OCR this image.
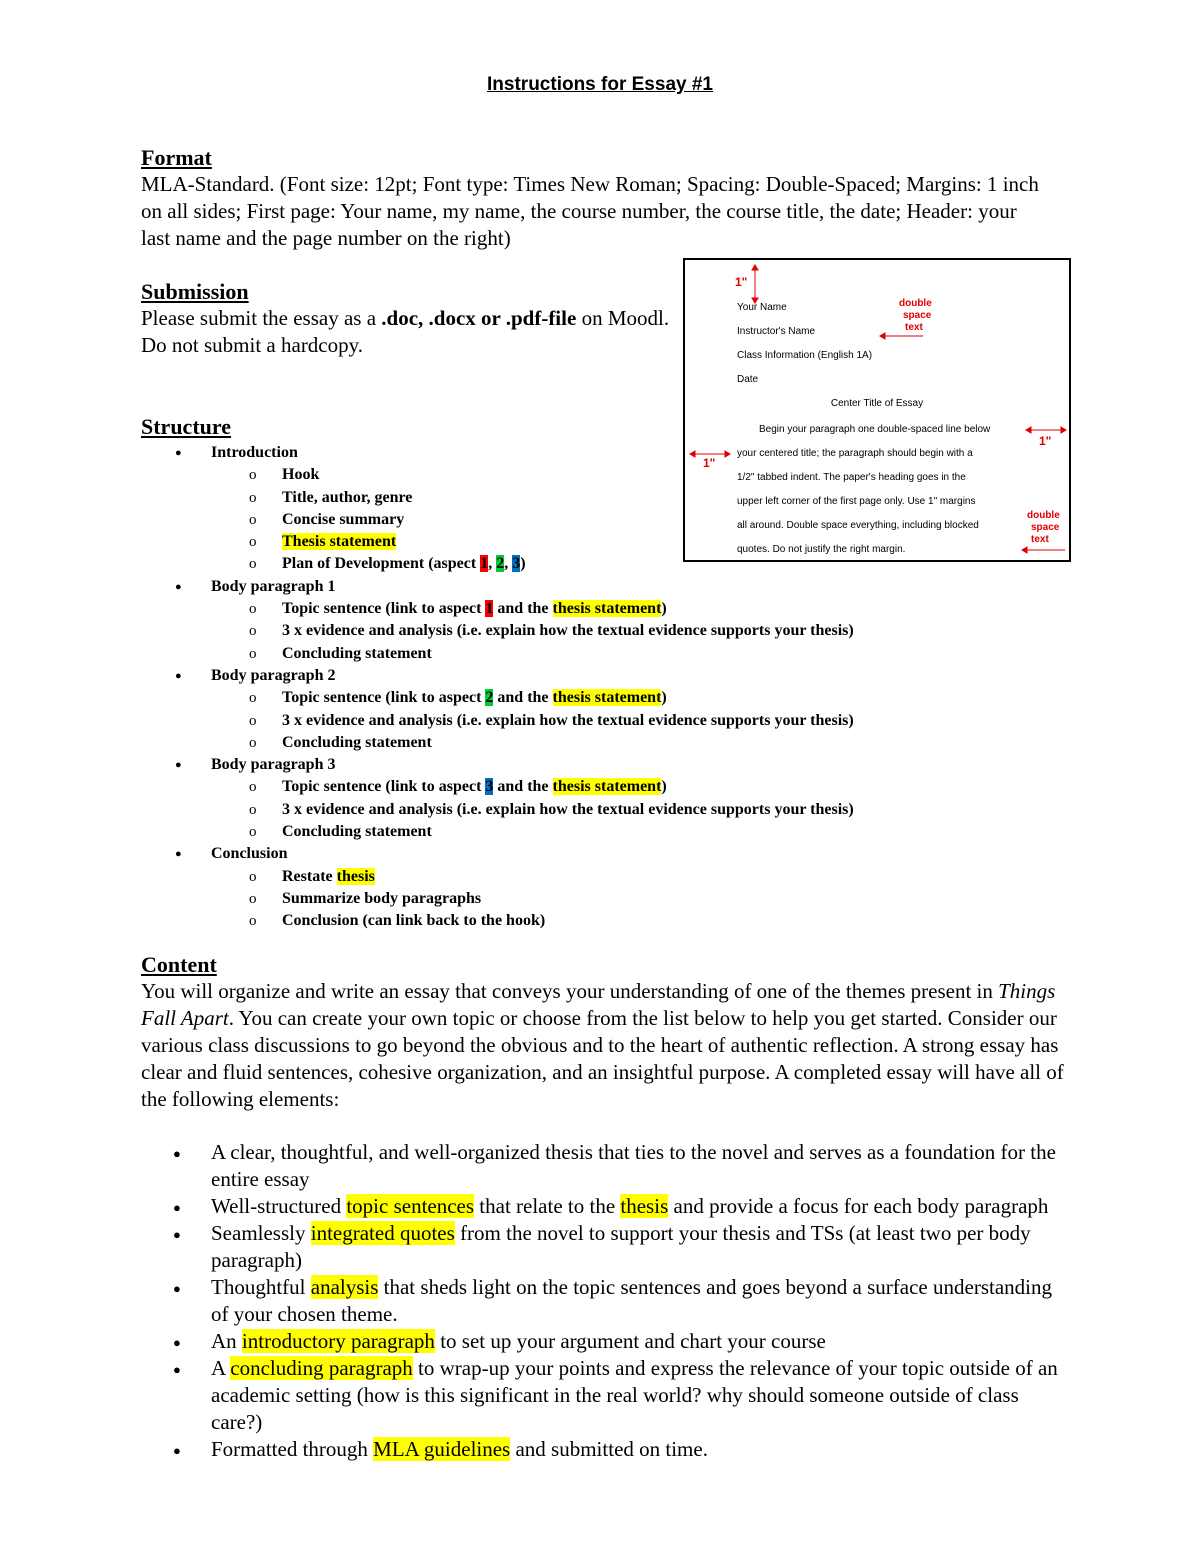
Instructions for Essay #1
Format
MLA-Standard. (Font size: 12pt; Font type: Times New Roman; Spacing: Double-Spaced; Margins: 1 inch on all sides; First page: Your name, my name, the course number, the course title, the date; Header: your last name and the page number on the right)
Submission
Please submit the essay as a .doc, .docx or .pdf-file on Moodl.
Do not submit a hardcopy.
Structure
● Introduction
o Hook
o Title, author, genre
o Concise summary
o Thesis statement
o Plan of Development (aspect 1, 2, 3)
● Body paragraph 1
o Topic sentence (link to aspect 1 and the thesis statement)
o 3 x evidence and analysis (i.e. explain how the textual evidence supports your thesis)
o Concluding statement
● Body paragraph 2
o Topic sentence (link to aspect 2 and the thesis statement)
o 3 x evidence and analysis (i.e. explain how the textual evidence supports your thesis)
o Concluding statement
● Body paragraph 3
o Topic sentence (link to aspect 3 and the thesis statement)
o 3 x evidence and analysis (i.e. explain how the textual evidence supports your thesis)
o Concluding statement
● Conclusion
o Restate thesis
o Summarize body paragraphs
o Conclusion (can link back to the hook)
1"
Your Name
Instructor's Name
Class Information (English 1A)
Date
Center Title of Essay
Begin your paragraph one double-spaced line below
your centered title; the paragraph should begin with a
1/2" tabbed indent. The paper's heading goes in the
upper left corner of the first page only. Use 1" margins
all around. Double space everything, including blocked
quotes. Do not justify the right margin.
double
space
text
1"
1"
double
space
text
Content
You will organize and write an essay that conveys your understanding of one of the themes present in Things Fall Apart. You can create your own topic or choose from the list below to help you get started. Consider our various class discussions to go beyond the obvious and to the heart of authentic reflection. A strong essay has clear and fluid sentences, cohesive organization, and an insightful purpose. A completed essay will have all of the following elements:
● A clear, thoughtful, and well-organized thesis that ties to the novel and serves as a foundation for the entire essay
● Well-structured topic sentences that relate to the thesis and provide a focus for each body paragraph
● Seamlessly integrated quotes from the novel to support your thesis and TSs (at least two per body paragraph)
● Thoughtful analysis that sheds light on the topic sentences and goes beyond a surface understanding of your chosen theme.
● An introductory paragraph to set up your argument and chart your course
● A concluding paragraph to wrap-up your points and express the relevance of your topic outside of an academic setting (how is this significant in the real world? why should someone outside of class care?)
● Formatted through MLA guidelines and submitted on time.
